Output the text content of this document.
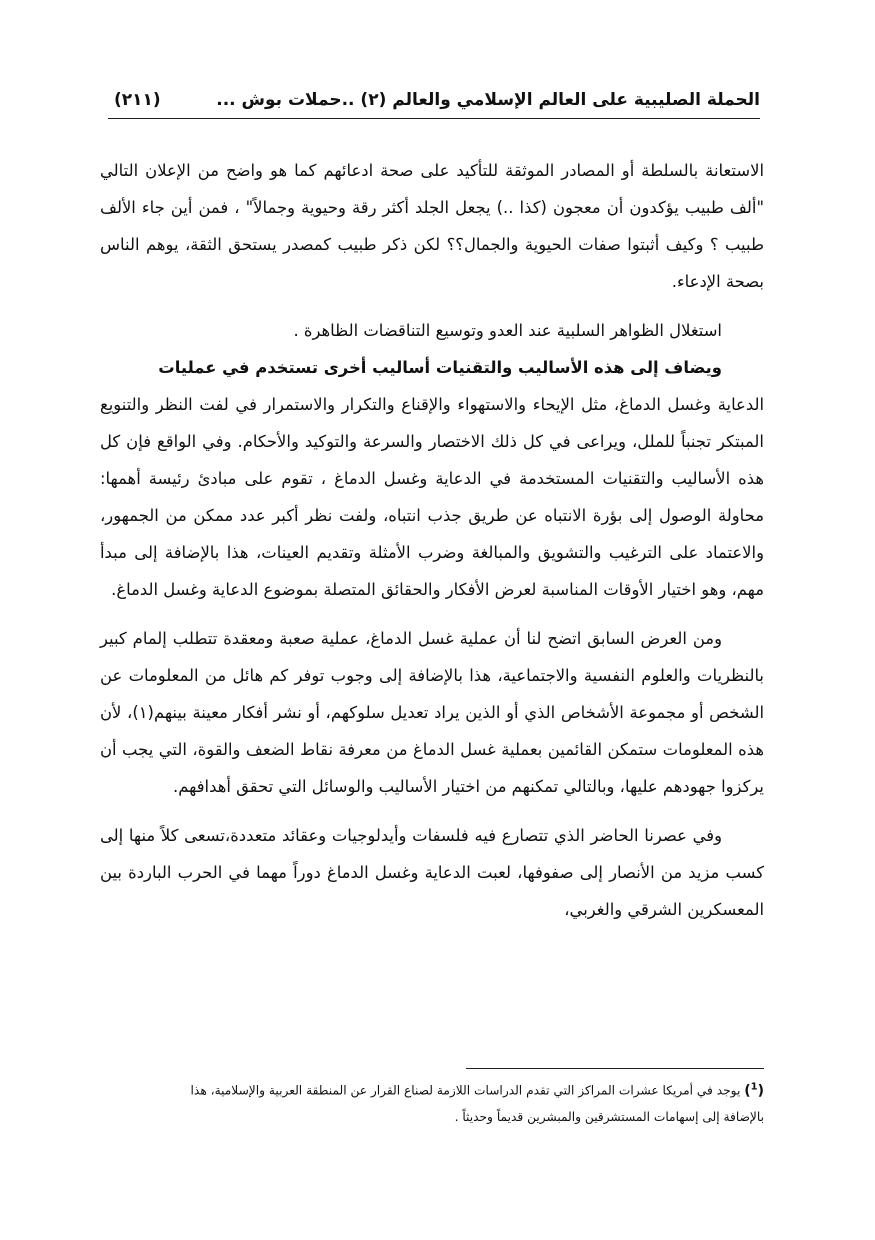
الحملة الصليبية على العالم الإسلامي والعالم (٢) ..حملات بوش ...
(٢١١)

الاستعانة بالسلطة أو المصادر الموثقة للتأكيد على صحة ادعائهم كما هو واضح من الإعلان التالي "ألف طبيب يؤكدون أن معجون (كذا ..) يجعل الجلد أكثر رقة وحيوية وجمالاً" ، فمن أين جاء الألف طبيب ؟ وكيف أثبتوا صفات الحيوية والجمال؟؟ لكن ذكر طبيب كمصدر يستحق الثقة، يوهم الناس بصحة الإدعاء.

استغلال الظواهر السلبية عند العدو وتوسيع التناقضات الظاهرة .

ويضاف إلى هذه الأساليب والتقنيات أساليب أخرى تستخدم في عمليات

الدعاية وغسل الدماغ، مثل الإيحاء والاستهواء والإقناع والتكرار والاستمرار في لفت النظر والتنويع المبتكر تجنباً للملل، ويراعى في كل ذلك الاختصار والسرعة والتوكيد والأحكام. وفي الواقع فإن كل هذه الأساليب والتقنيات المستخدمة في الدعاية وغسل الدماغ ، تقوم على مبادئ رئيسة أهمها: محاولة الوصول إلى بؤرة الانتباه عن طريق جذب انتباه، ولفت نظر أكبر عدد ممكن من الجمهور، والاعتماد على الترغيب والتشويق والمبالغة وضرب الأمثلة وتقديم العينات، هذا بالإضافة إلى مبدأ مهم، وهو اختيار الأوقات المناسبة لعرض الأفكار والحقائق المتصلة بموضوع الدعاية وغسل الدماغ.

ومن العرض السابق اتضح لنا أن عملية غسل الدماغ، عملية صعبة ومعقدة تتطلب إلمام كبير بالنظريات والعلوم النفسية والاجتماعية، هذا بالإضافة إلى وجوب توفر كم هائل من المعلومات عن الشخص أو مجموعة الأشخاص الذي أو الذين يراد تعديل سلوكهم، أو نشر أفكار معينة بينهم(١)، لأن هذه المعلومات ستمكن القائمين بعملية غسل الدماغ من معرفة نقاط الضعف والقوة، التي يجب أن يركزوا جهودهم عليها، وبالتالي تمكنهم من اختيار الأساليب والوسائل التي تحقق أهدافهم.

وفي عصرنا الحاضر الذي تتصارع فيه فلسفات وأيدلوجيات وعقائد متعددة،تسعى كلاً منها إلى كسب مزيد من الأنصار إلى صفوفها، لعبت الدعاية وغسل الدماغ دوراً مهما في الحرب الباردة بين المعسكرين الشرقي والغربي،

($^1$) يوجد في أمريكا عشرات المراكز التي تقدم الدراسات اللازمة لصناع القرار عن المنطقة العربية والإسلامية، هذا بالإضافة إلى إسهامات المستشرقين والمبشرين قديماً وحديثاً .
